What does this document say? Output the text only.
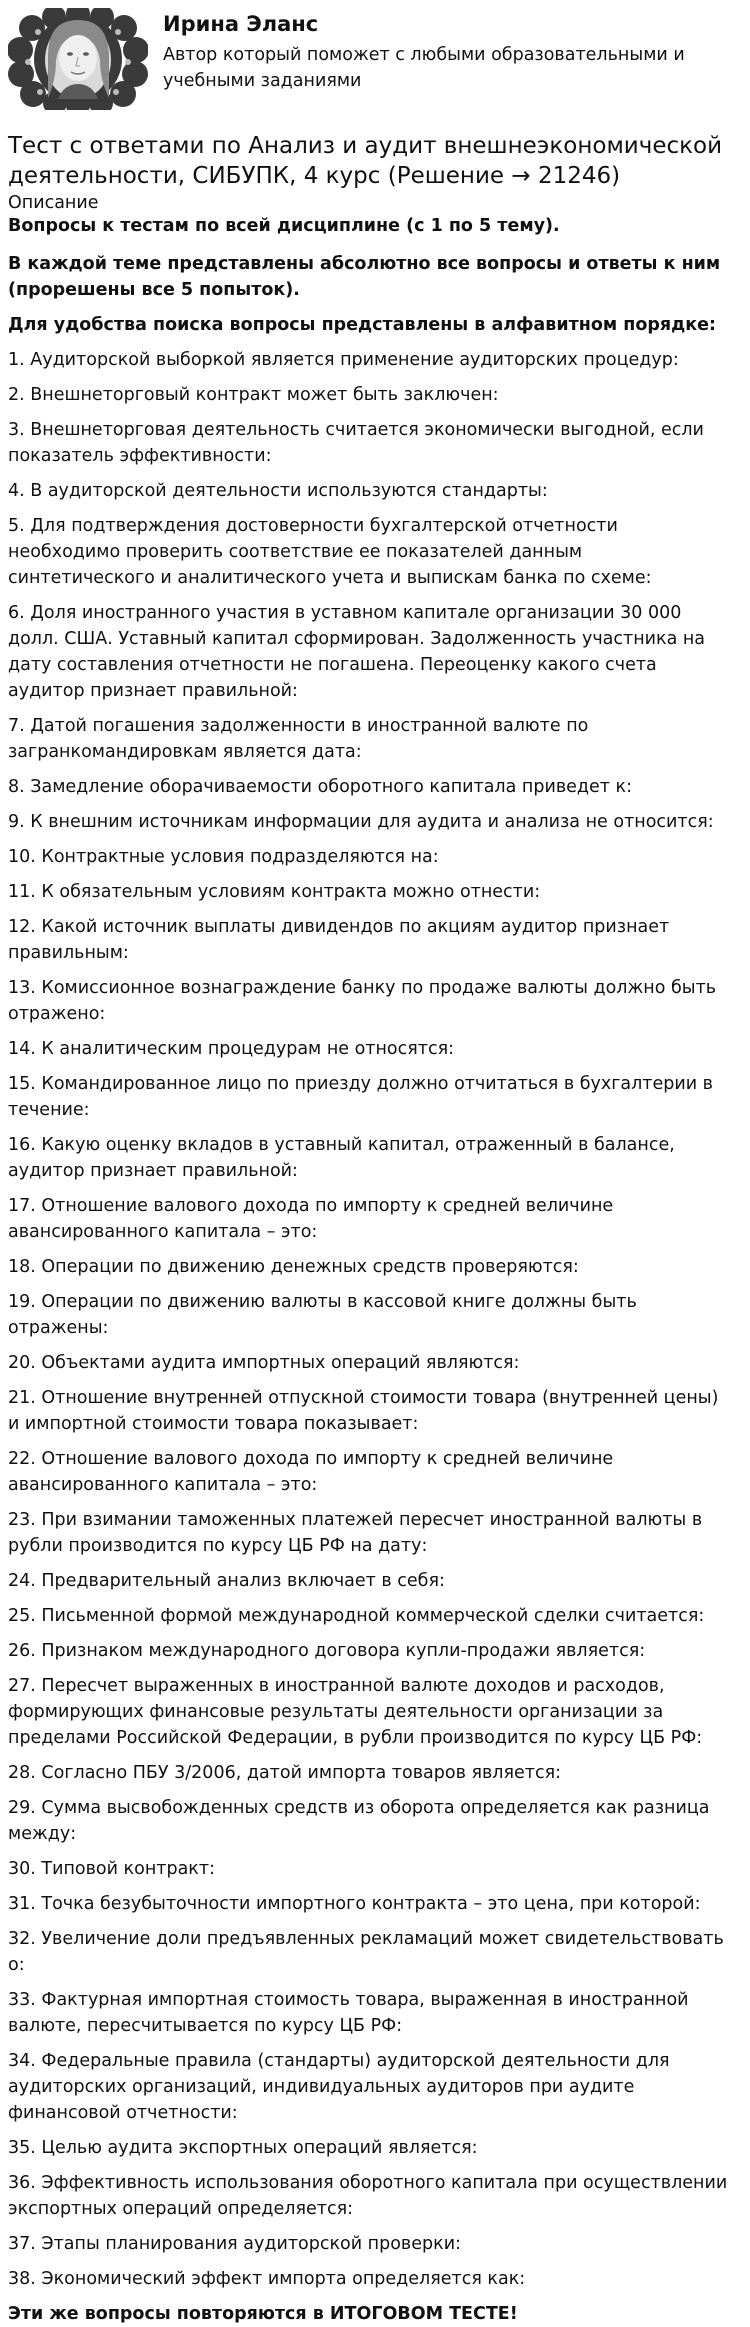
Ирина Эланс
Автор который поможет с любыми образовательными и учебными заданиями
Тест с ответами по Анализ и аудит внешнеэкономической деятельности, СИБУПК, 4 курс (Решение → 21246)
Описание

Вопросы к тестам по всей дисциплине (с 1 по 5 тему).

В каждой теме представлены абсолютно все вопросы и ответы к ним (прорешены все 5 попыток).

Для удобства поиска вопросы представлены в алфавитном порядке:

1. Аудиторской выборкой является применение аудиторских процедур:
2. Внешнеторговый контракт может быть заключен:
3. Внешнеторговая деятельность считается экономически выгодной, если показатель эффективности:
4. В аудиторской деятельности используются стандарты:
5. Для подтверждения достоверности бухгалтерской отчетности необходимо проверить соответствие ее показателей данным синтетического и аналитического учета и выпискам банка по схеме:
6. Доля иностранного участия в уставном капитале организации 30 000 долл. США. Уставный капитал сформирован. Задолженность участника на дату составления отчетности не погашена. Переоценку какого счета аудитор признает правильной:
7. Датой погашения задолженности в иностранной валюте по загранкомандировкам является дата:
8. Замедление оборачиваемости оборотного капитала приведет к:
9. К внешним источникам информации для аудита и анализа не относится:
10. Контрактные условия подразделяются на:
11. К обязательным условиям контракта можно отнести:
12. Какой источник выплаты дивидендов по акциям аудитор признает правильным:
13. Комиссионное вознаграждение банку по продаже валюты должно быть отражено:
14. К аналитическим процедурам не относятся:
15. Командированное лицо по приезду должно отчитаться в бухгалтерии в течение:
16. Какую оценку вкладов в уставный капитал, отраженный в балансе, аудитор признает правильной:
17. Отношение валового дохода по импорту к средней величине авансированного капитала – это:
18. Операции по движению денежных средств проверяются:
19. Операции по движению валюты в кассовой книге должны быть отражены:
20. Объектами аудита импортных операций являются:
21. Отношение внутренней отпускной стоимости товара (внутренней цены) и импортной стоимости товара показывает:
22. Отношение валового дохода по импорту к средней величине авансированного капитала – это:
23. При взимании таможенных платежей пересчет иностранной валюты в рубли производится по курсу ЦБ РФ на дату:
24. Предварительный анализ включает в себя:
25. Письменной формой международной коммерческой сделки считается:
26. Признаком международного договора купли-продажи является:
27. Пересчет выраженных в иностранной валюте доходов и расходов, формирующих финансовые результаты деятельности организации за пределами Российской Федерации, в рубли производится по курсу ЦБ РФ:
28. Согласно ПБУ 3/2006, датой импорта товаров является:
29. Сумма высвобожденных средств из оборота определяется как разница между:
30. Типовой контракт:
31. Точка безубыточности импортного контракта – это цена, при которой:
32. Увеличение доли предъявленных рекламаций может свидетельствовать о:
33. Фактурная импортная стоимость товара, выраженная в иностранной валюте, пересчитывается по курсу ЦБ РФ:
34. Федеральные правила (стандарты) аудиторской деятельности для аудиторских организаций, индивидуальных аудиторов при аудите финансовой отчетности:
35. Целью аудита экспортных операций является:
36. Эффективность использования оборотного капитала при осуществлении экспортных операций определяется:
37. Этапы планирования аудиторской проверки:
38. Экономический эффект импорта определяется как:

Эти же вопросы повторяются в ИТОГОВОМ ТЕСТЕ!
